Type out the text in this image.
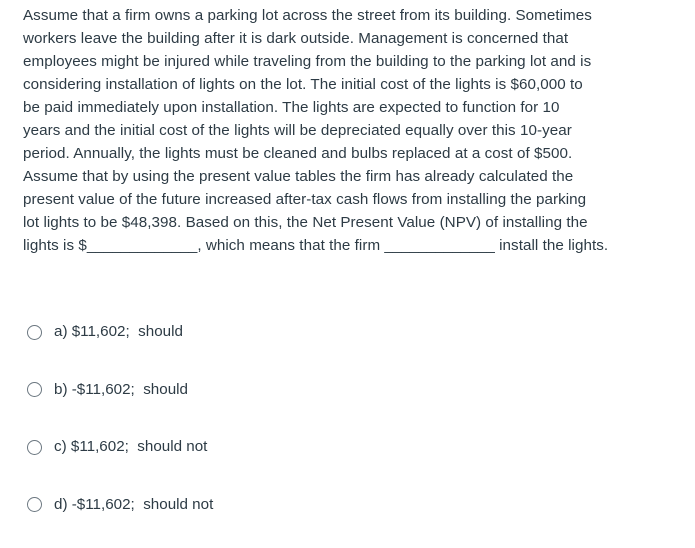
Assume that a firm owns a parking lot across the street from its building. Sometimes
workers leave the building after it is dark outside. Management is concerned that
employees might be injured while traveling from the building to the parking lot and is
considering installation of lights on the lot. The initial cost of the lights is $60,000 to
be paid immediately upon installation. The lights are expected to function for 10
years and the initial cost of the lights will be depreciated equally over this 10-year
period. Annually, the lights must be cleaned and bulbs replaced at a cost of $500.
Assume that by using the present value tables the firm has already calculated the
present value of the future increased after-tax cash flows from installing the parking
lot lights to be $48,398. Based on this, the Net Present Value (NPV) of installing the
lights is $_____________, which means that the firm _____________ install the lights.
a) $11,602;  should
b) -$11,602;  should
c) $11,602;  should not
d) -$11,602;  should not
